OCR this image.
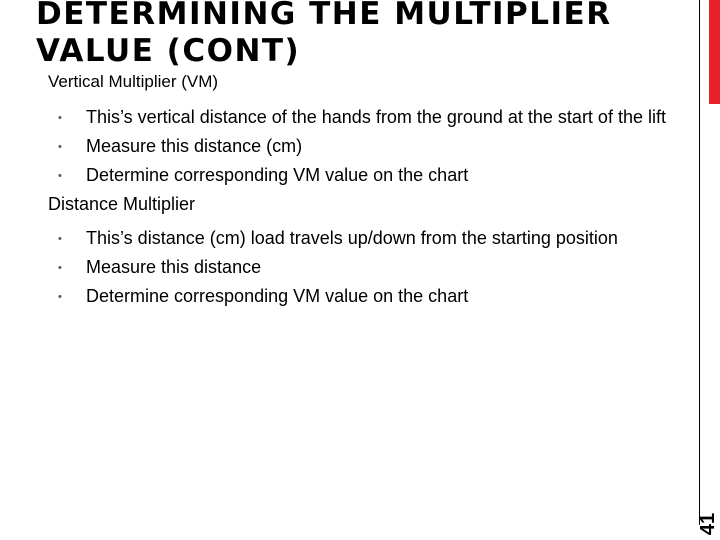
DETERMINING THE MULTIPLIER VALUE (CONT)
41
Vertical Multiplier (VM)
• This’s vertical distance of the hands from the ground at the start of the lift
• Measure this distance (cm)
• Determine corresponding VM value on the chart
Distance Multiplier
• This’s distance (cm) load travels up/down from the starting position
• Measure this distance
• Determine corresponding VM value on the chart
